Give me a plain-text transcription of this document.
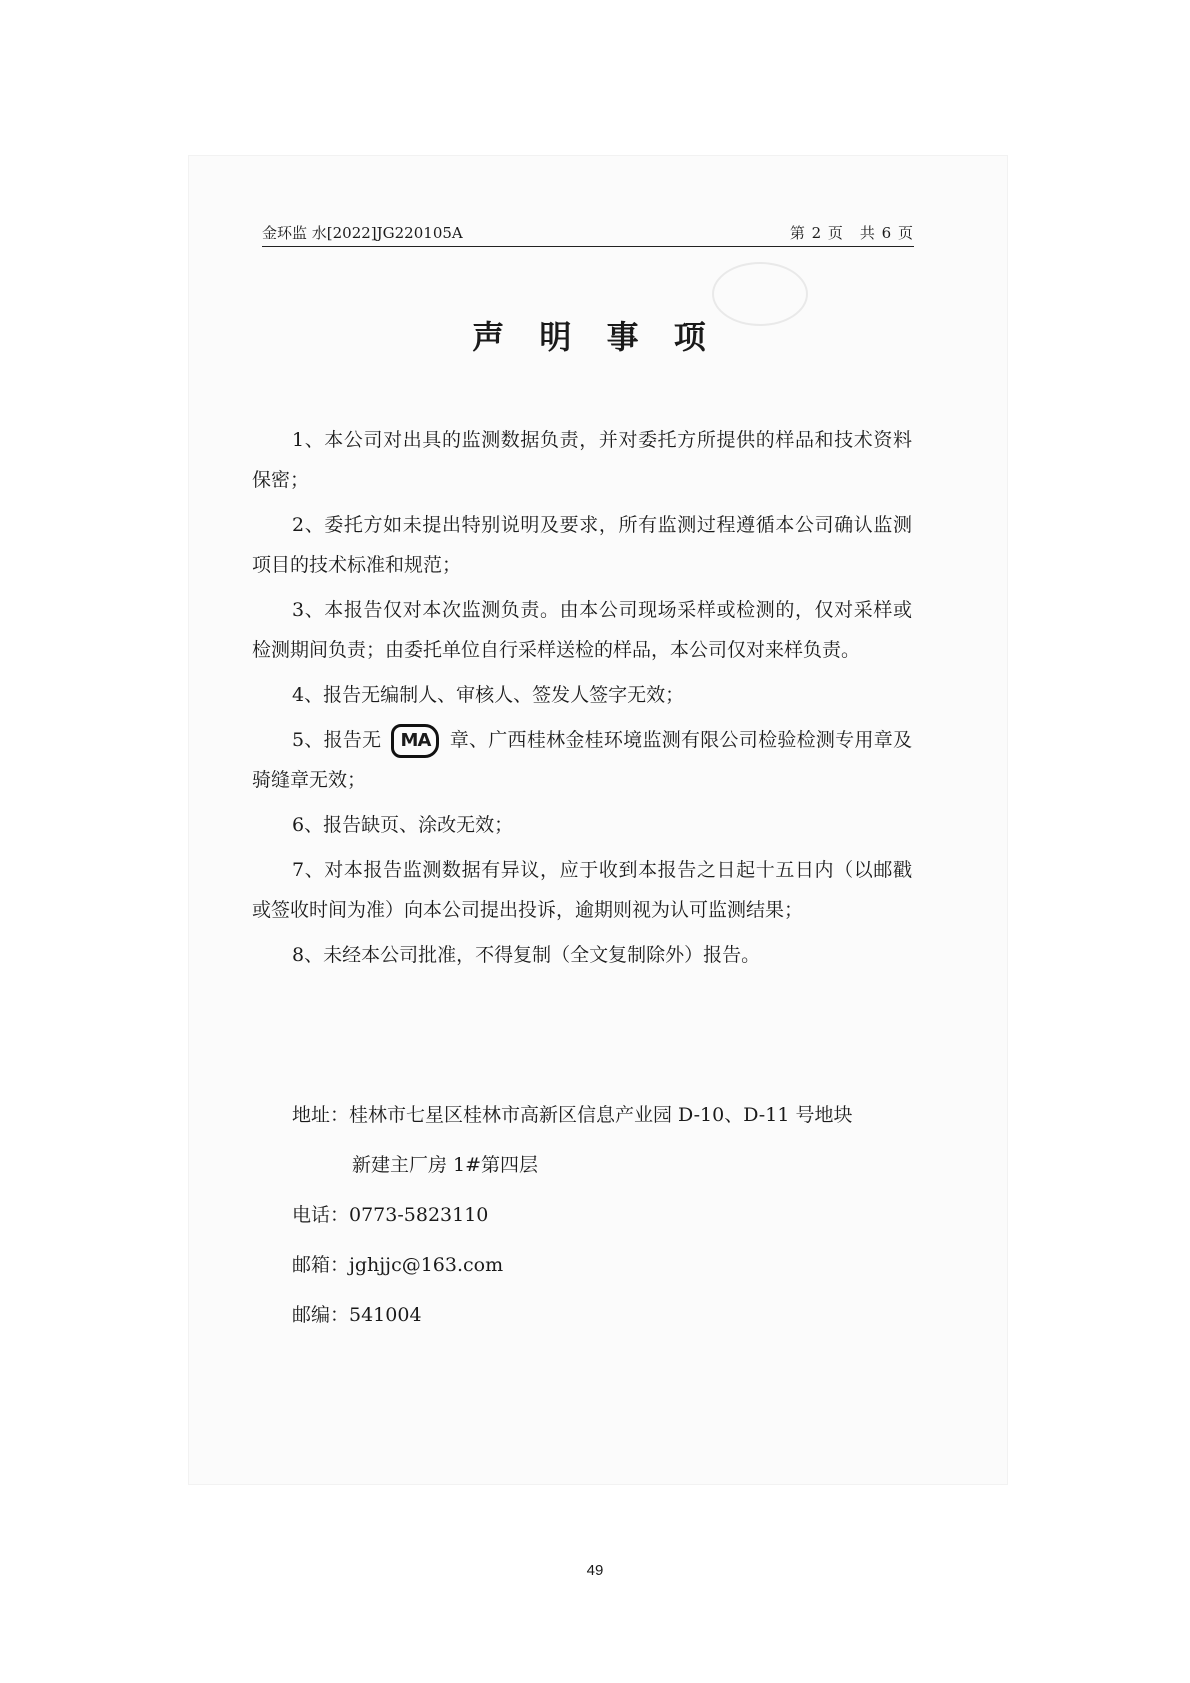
金环监 水[2022]JG220105A	第 2 页　共 6 页
声 明 事 项

1、本公司对出具的监测数据负责，并对委托方所提供的样品和技术资料保密；

2、委托方如未提出特别说明及要求，所有监测过程遵循本公司确认监测项目的技术标准和规范；

3、本报告仅对本次监测负责。由本公司现场采样或检测的，仅对采样或检测期间负责；由委托单位自行采样送检的样品，本公司仅对来样负责。

4、报告无编制人、审核人、签发人签字无效；

5、报告无 MA 章、广西桂林金桂环境监测有限公司检验检测专用章及骑缝章无效；

6、报告缺页、涂改无效；

7、对本报告监测数据有异议，应于收到本报告之日起十五日内（以邮戳或签收时间为准）向本公司提出投诉，逾期则视为认可监测结果；

8、未经本公司批准，不得复制（全文复制除外）报告。

地址：桂林市七星区桂林市高新区信息产业园 D-10、D-11 号地块
新建主厂房 1#第四层
电话：0773-5823110
邮箱：jghjjc@163.com
邮编：541004
49
